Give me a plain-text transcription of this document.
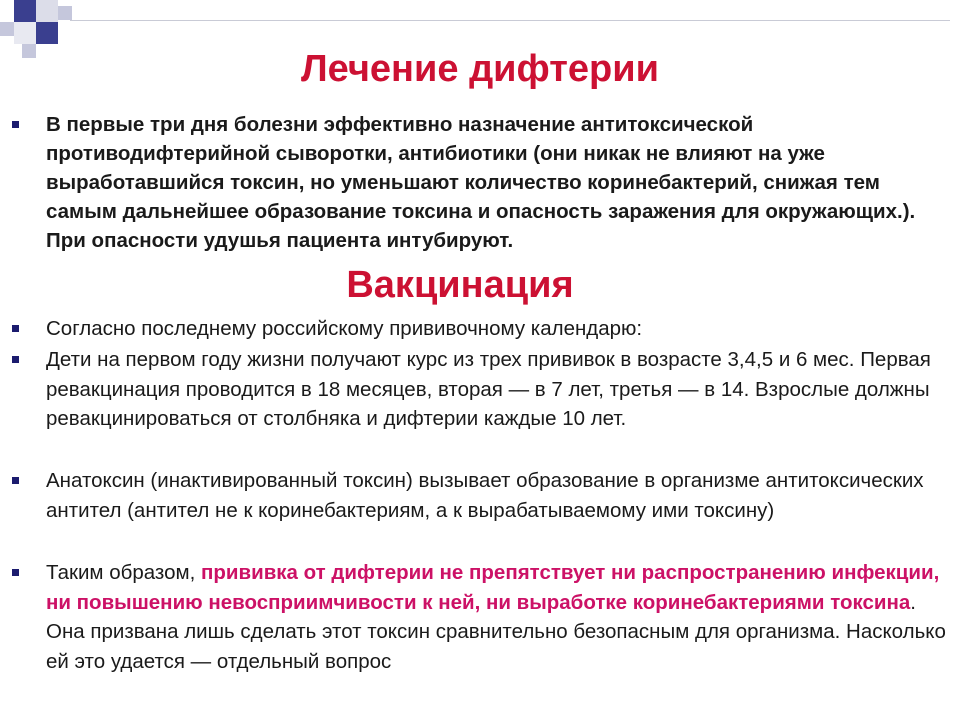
Лечение дифтерии

В первые три дня болезни эффективно назначение антитоксической противодифтерийной сыворотки, антибиотики (они никак не влияют на уже выработавшийся токсин, но уменьшают количество коринебактерий, снижая тем самым дальнейшее образование токсина и опасность заражения для окружающих.). При опасности удушья пациента интубируют.

Вакцинация

Согласно последнему российскому прививочному календарю:

Дети на первом году жизни получают курс из трех прививок в возрасте 3,4,5 и 6 мес. Первая ревакцинация проводится в 18 месяцев, вторая — в 7 лет, третья — в 14. Взрослые должны ревакцинироваться от столбняка и дифтерии каждые 10 лет.

Анатоксин (инактивированный токсин) вызывает образование в организме антитоксических антител (антител не к коринебактериям, а к вырабатываемому ими токсину)

Таким образом, прививка от дифтерии не препятствует ни распространению инфекции, ни повышению невосприимчивости к ней, ни выработке коринебактериями токсина. Она призвана лишь сделать этот токсин сравнительно безопасным для организма. Насколько ей это удается — отдельный вопрос
